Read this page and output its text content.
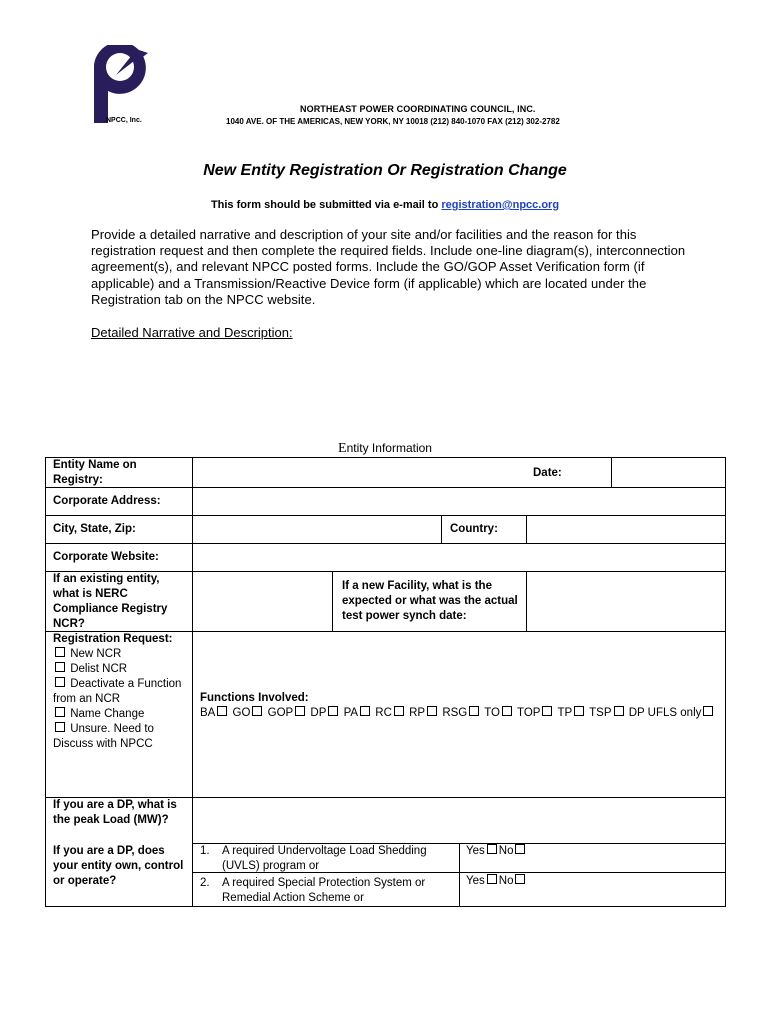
NPCC, Inc.
NORTHEAST POWER COORDINATING COUNCIL, INC.
1040 AVE. OF THE AMERICAS, NEW YORK, NY 10018 (212) 840-1070 FAX (212) 302-2782
New Entity Registration Or Registration Change
This form should be submitted via e-mail to registration@npcc.org
Provide a detailed narrative and description of your site and/or facilities and the reason for this registration request and then complete the required fields. Include one-line diagram(s), interconnection agreement(s), and relevant NPCC posted forms. Include the GO/GOP Asset Verification form (if applicable) and a Transmission/Reactive Device form (if applicable) which are located under the Registration tab on the NPCC website.
Detailed Narrative and Description:
Entity Information
Entity Name on Registry:
Date:
Corporate Address:
City, State, Zip:	Country:
Corporate Website:
If an existing entity, what is NERC Compliance Registry NCR?
If a new Facility, what is the expected or what was the actual test power synch date:
Registration Request:
New NCR
Delist NCR
Deactivate a Function from an NCR
Name Change
Unsure. Need to Discuss with NPCC
Functions Involved:
BA GO GOP DP PA RC RP RSG TO TOP TP TSP DP UFLS only
If you are a DP, what is the peak Load (MW)?
If you are a DP, does your entity own, control or operate?
1. A required Undervoltage Load Shedding (UVLS) program or
Yes No
2. A required Special Protection System or Remedial Action Scheme or
Yes No
